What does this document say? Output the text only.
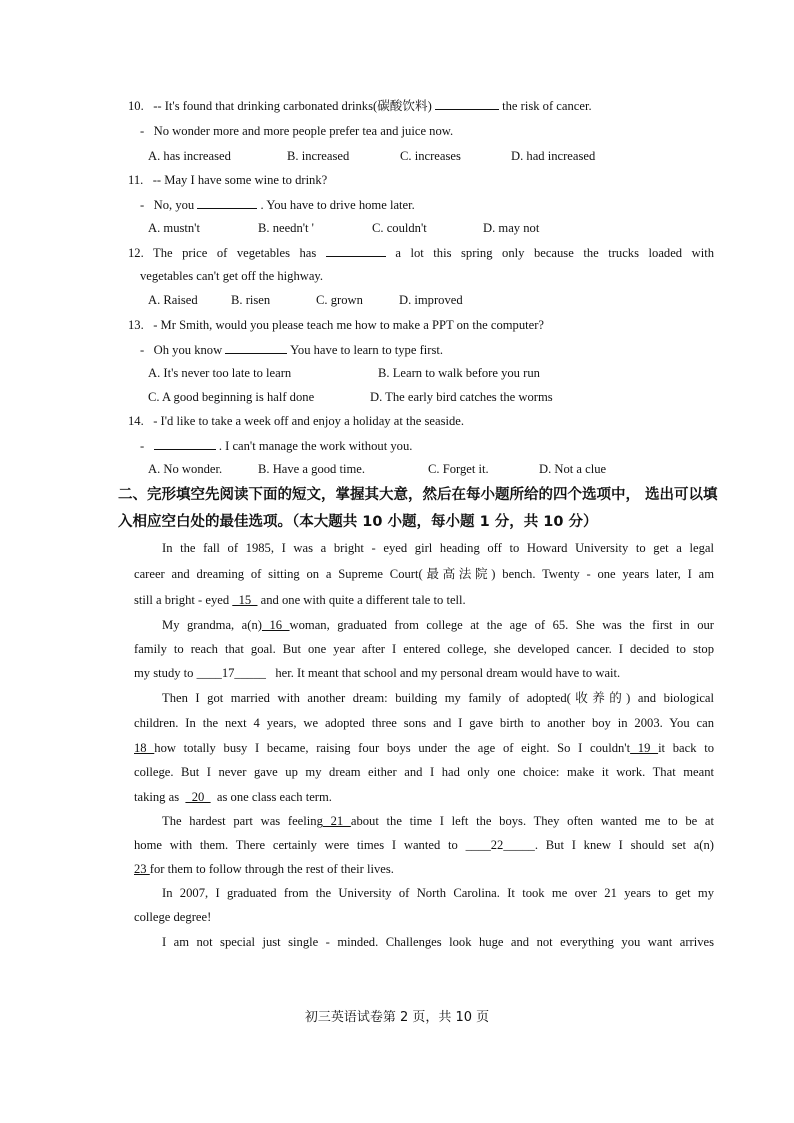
10. -- It's found that drinking carbonated drinks(碳酸饮料)	the risk of cancer.
-   No wonder more and more people prefer tea and juice now.
A. has increased	B. increased	C. increases	D. had increased
11. -- May I have some wine to drink?
-   No, you	. You have to drive home later.
A. mustn't	B. needn't '	C. couldn't	D. may not
12. The price of vegetables has	a lot this spring only because the trucks loaded with
vegetables can't get off the highway.
A. Raised	B. risen	C. grown	D. improved
13. - Mr Smith, would you please teach me how to make a PPT on the computer?
-   Oh you know	You have to learn to type first.
A. It's never too late to learn	B. Learn to walk before you run
C. A good beginning is half done	D. The early bird catches the worms
14. - I'd like to take a week off and enjoy a holiday at the seaside.
-	. I can't manage the work without you.
A. No wonder.	B. Have a good time.	C. Forget it.	D. Not a clue
二、完形填空先阅读下面的短文，掌握其大意，然后在每小题所给的四个选项中， 选出可以填
入相应空白处的最佳选项。（本大题共 10 小题，每小题 1 分，共 10 分）
In the fall of 1985, I was a bright - eyed girl heading off to Howard University to get a legal
career and dreaming of sitting on a Supreme Court(最高法院) bench. Twenty - one years later, I am
still a bright - eyed   15   and one with quite a different tale to tell.
My grandma, a(n) 16 woman, graduated from college at the age of 65. She was the first in our
family to reach that goal. But one year after I entered college, she developed cancer. I decided to stop
my study to ____17_____ her. It meant that school and my personal dream would have to wait.
Then I got married with another dream: building my family of adopted(收养的) and biological
children. In the next 4 years, we adopted three sons and I gave birth to another boy in 2003. You can
18 how totally busy I became, raising four boys under the age of eight. So I couldn't 19 it back to
college. But I never gave up my dream either and I had only one choice: make it work. That meant
taking as    20    as one class each term.
The hardest part was feeling 21 about the time I left the boys. They often wanted me to be at
home with them. There certainly were times I wanted to ____22_____. But I knew I should set a(n)
23 for them to follow through the rest of their lives.
In 2007, I graduated from the University of North Carolina. It took me over 21 years to get my
college degree!
I am not special just single - minded. Challenges look huge and not everything you want arrives
初三英语试卷第 2 页，共 10 页
